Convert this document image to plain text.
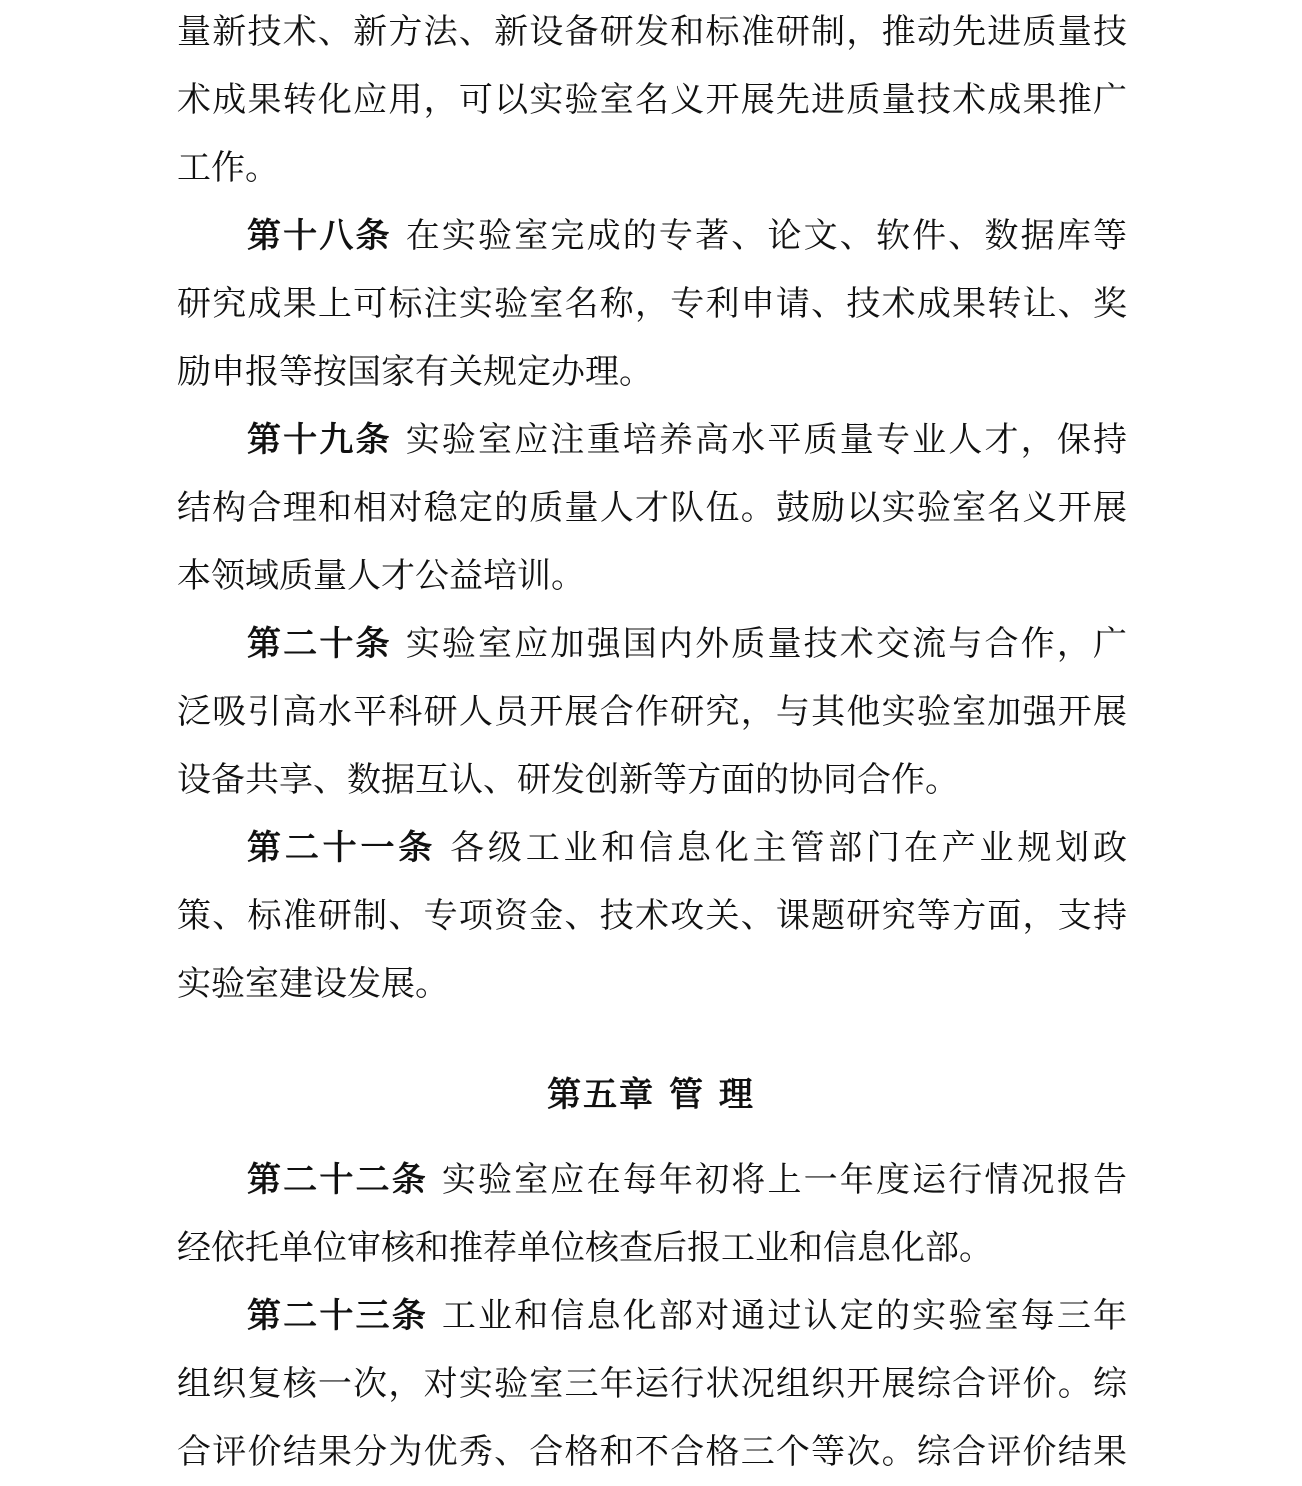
量新技术、新方法、新设备研发和标准研制，推动先进质量技
术成果转化应用，可以实验室名义开展先进质量技术成果推广
工作。
第十八条 在实验室完成的专著、论文、软件、数据库等
研究成果上可标注实验室名称，专利申请、技术成果转让、奖
励申报等按国家有关规定办理。
第十九条 实验室应注重培养高水平质量专业人才，保持
结构合理和相对稳定的质量人才队伍。鼓励以实验室名义开展
本领域质量人才公益培训。
第二十条 实验室应加强国内外质量技术交流与合作，广
泛吸引高水平科研人员开展合作研究，与其他实验室加强开展
设备共享、数据互认、研发创新等方面的协同合作。
第二十一条 各级工业和信息化主管部门在产业规划政
策、标准研制、专项资金、技术攻关、课题研究等方面，支持
实验室建设发展。
第五章 管 理
第二十二条 实验室应在每年初将上一年度运行情况报告
经依托单位审核和推荐单位核查后报工业和信息化部。
第二十三条 工业和信息化部对通过认定的实验室每三年
组织复核一次，对实验室三年运行状况组织开展综合评价。综
合评价结果分为优秀、合格和不合格三个等次。综合评价结果
